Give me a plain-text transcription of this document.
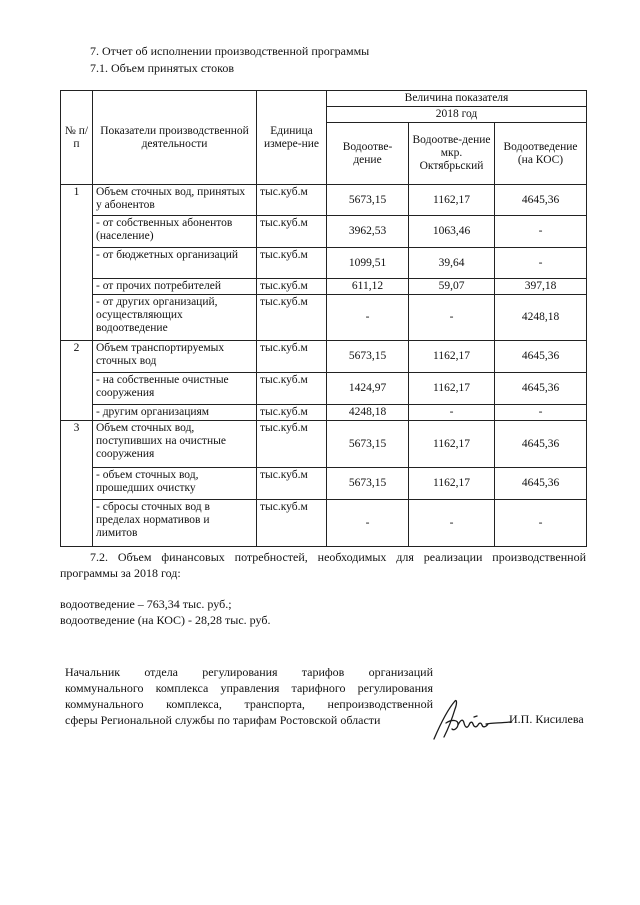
7. Отчет об исполнении производственной программы
7.1. Объем принятых стоков
№ п/п	Показатели производственной деятельности	Единица измере-ние	Величина показателя		
			2018 год		
			Водоотве-дение	Водоотве-дение мкр. Октябрьский	Водоотведение (на КОС)
1	Объем сточных вод, принятых у абонентов	тыс.куб.м	5673,15	1162,17	4645,36
	- от собственных абонентов (население)	тыс.куб.м	3962,53	1063,46	-
	- от бюджетных организаций	тыс.куб.м	1099,51	39,64	-
	- от прочих потребителей	тыс.куб.м	611,12	59,07	397,18
	- от других организаций, осуществляющих водоотведение	тыс.куб.м	-	-	4248,18
2	Объем транспортируемых сточных вод	тыс.куб.м	5673,15	1162,17	4645,36
	- на собственные очистные сооружения	тыс.куб.м	1424,97	1162,17	4645,36
	- другим организациям	тыс.куб.м	4248,18	-	-
3	Объем сточных вод, поступивших на очистные сооружения	тыс.куб.м	5673,15	1162,17	4645,36
	- объем сточных вод, прошедших очистку	тыс.куб.м	5673,15	1162,17	4645,36
	- сбросы сточных вод в пределах нормативов и лимитов	тыс.куб.м	-	-	-
7.2. Объем финансовых потребностей, необходимых для реализации производственной программы за 2018 год:
водоотведение – 763,34 тыс. руб.;
водоотведение (на КОС) - 28,28 тыс. руб.
Начальник отдела регулирования тарифов организаций
коммунального комплекса управления тарифного регулирования
коммунального комплекса, транспорта, непроизводственной
сферы Региональной службы по тарифам Ростовской области	И.П. Кисилева
